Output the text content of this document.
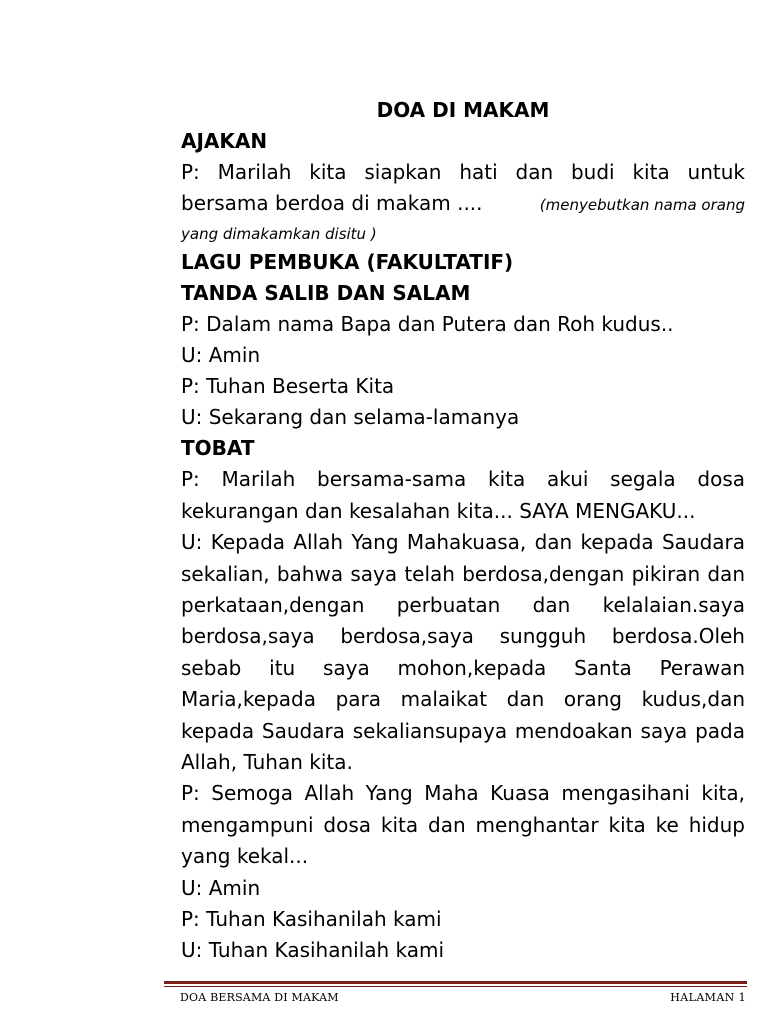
DOA DI MAKAM

AJAKAN

P: Marilah kita siapkan hati dan budi kita untuk

bersama berdoa di makam ....	(menyebutkan nama orang

yang dimakamkan disitu )

LAGU PEMBUKA (FAKULTATIF)

TANDA SALIB DAN SALAM

P: Dalam nama Bapa dan Putera dan Roh kudus..

U: Amin

P: Tuhan Beserta Kita

U: Sekarang dan selama-lamanya

TOBAT

P: Marilah bersama-sama kita akui segala dosa kekurangan dan kesalahan kita... SAYA MENGAKU...

U: Kepada Allah Yang Mahakuasa, dan kepada Saudara sekalian, bahwa saya telah berdosa,dengan pikiran dan perkataan,dengan perbuatan dan kelalaian.saya berdosa,saya berdosa,saya sungguh berdosa.Oleh sebab itu saya mohon,kepada Santa Perawan Maria,kepada para malaikat dan orang kudus,dan kepada Saudara sekaliansupaya mendoakan saya pada Allah, Tuhan kita.

P: Semoga Allah Yang Maha Kuasa mengasihani kita, mengampuni dosa kita dan menghantar kita ke hidup yang kekal...

U: Amin

P: Tuhan Kasihanilah kami

U: Tuhan Kasihanilah kami

DOA BERSAMA DI MAKAM	HALAMAN 1
